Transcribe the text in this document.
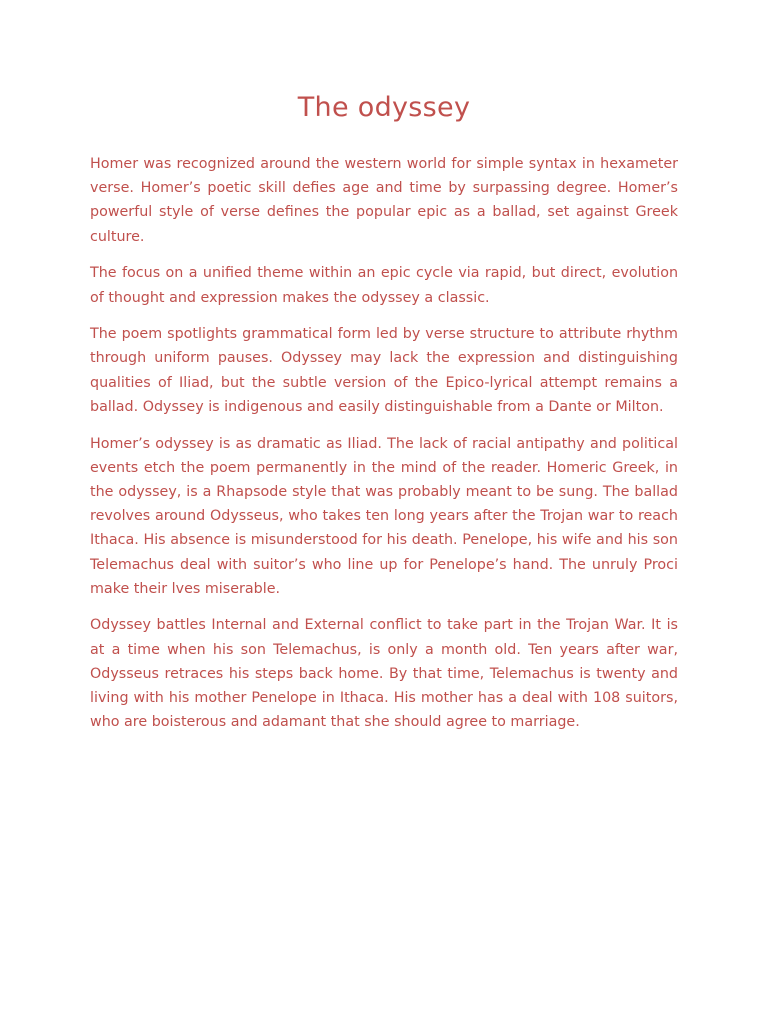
The odyssey

Homer was recognized around the western world for simple syntax in hexameter verse. Homer’s poetic skill defies age and time by surpassing degree. Homer’s powerful style of verse defines the popular epic as a ballad, set against Greek culture.

The focus on a unified theme within an epic cycle via rapid, but direct, evolution of thought and expression makes the odyssey a classic.

The poem spotlights grammatical form led by verse structure to attribute rhythm through uniform pauses. Odyssey may lack the expression and distinguishing qualities of Iliad, but the subtle version of the Epico-lyrical attempt remains a ballad. Odyssey is indigenous and easily distinguishable from a Dante or Milton.

Homer’s odyssey is as dramatic as Iliad. The lack of racial antipathy and political events etch the poem permanently in the mind of the reader. Homeric Greek, in the odyssey, is a Rhapsode style that was probably meant to be sung. The ballad revolves around Odysseus, who takes ten long years after the Trojan war to reach Ithaca. His absence is misunderstood for his death. Penelope, his wife and his son Telemachus deal with suitor’s who line up for Penelope’s hand. The unruly Proci make their lves miserable.

Odyssey battles Internal and External conflict to take part in the Trojan War. It is at a time when his son Telemachus, is only a month old. Ten years after war, Odysseus retraces his steps back home. By that time, Telemachus is twenty and living with his mother Penelope in Ithaca. His mother has a deal with 108 suitors, who are boisterous and adamant that she should agree to marriage.
